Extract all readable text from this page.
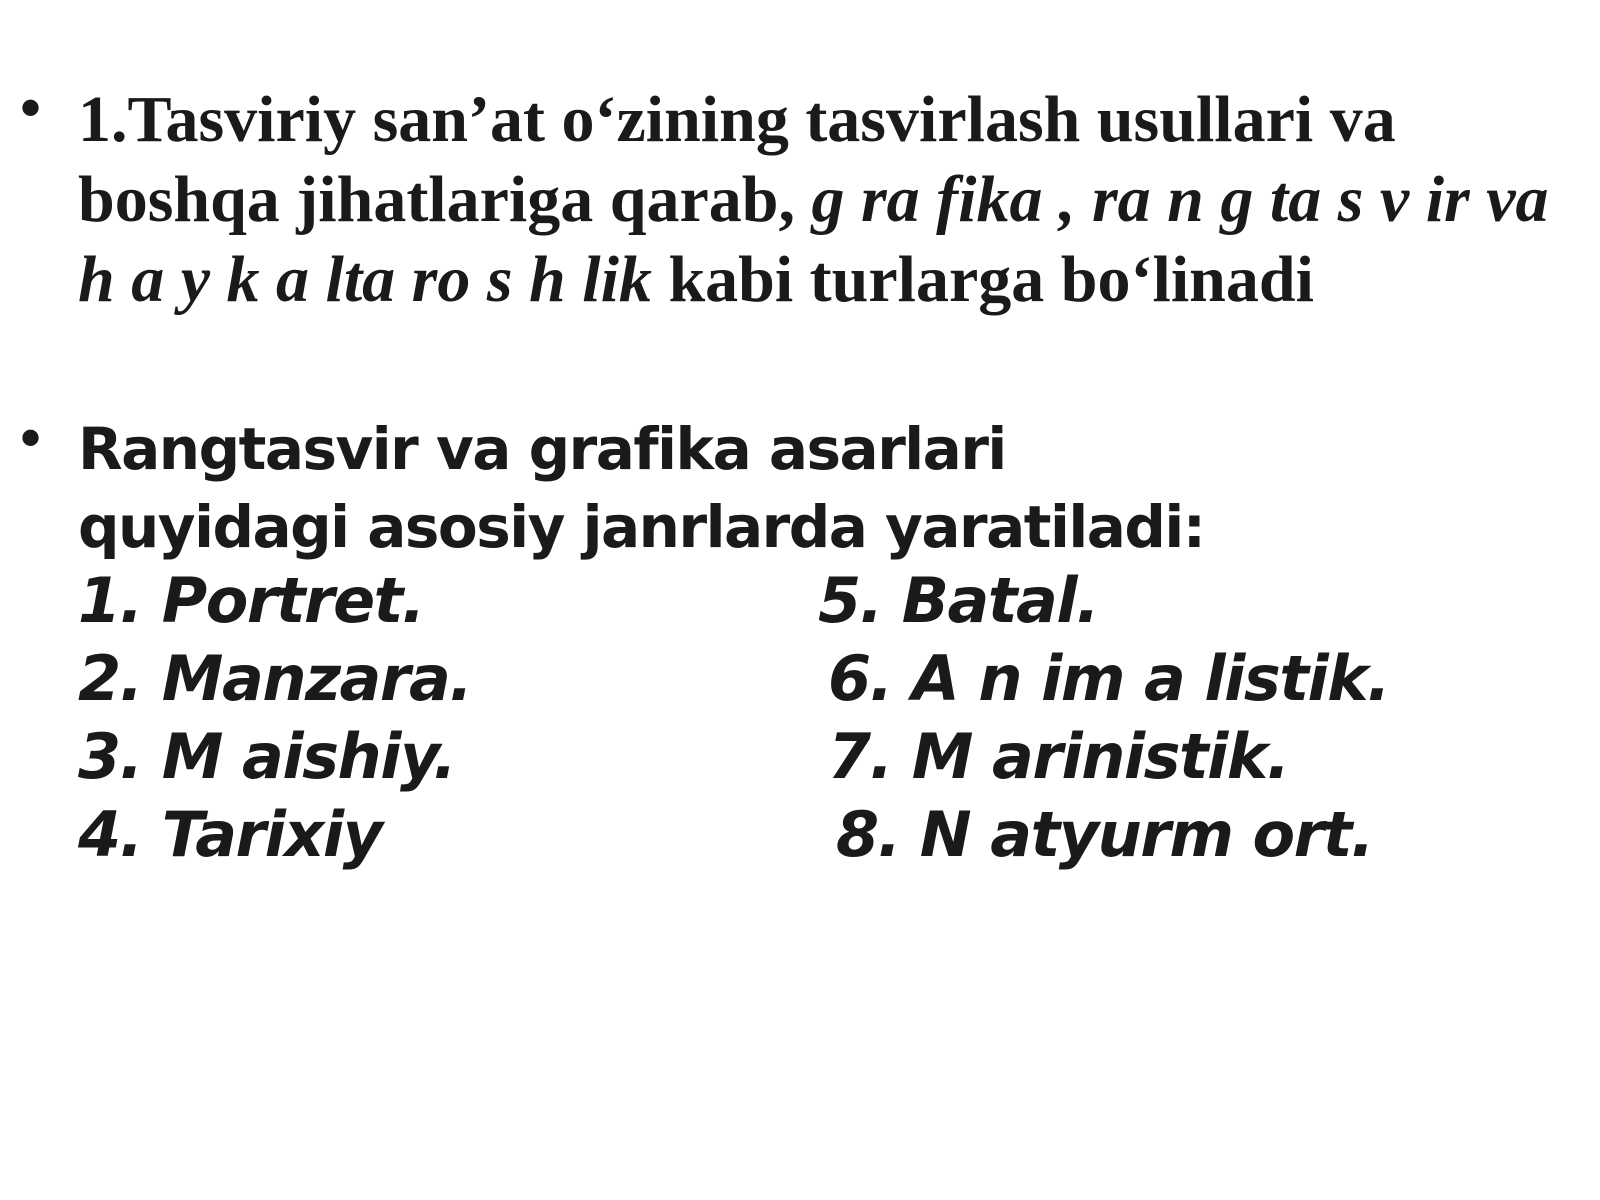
• 1.Tasviriy san’at o‘zining tasvirlash usullari va boshqa jihatlariga qarab, g ra fika , ra n g ta s v ir va h a y k a lta ro s h lik kabi turlarga bo‘linadi
• Rangtasvir va grafika asarlari
quyidagi asosiy janrlarda yaratiladi:
1. Portret.
2. Manzara.
3. M aishiy.
4. Tarixiy
5. Batal.
6. A n im a listik.
7. M arinistik.
8. N atyurm ort.
